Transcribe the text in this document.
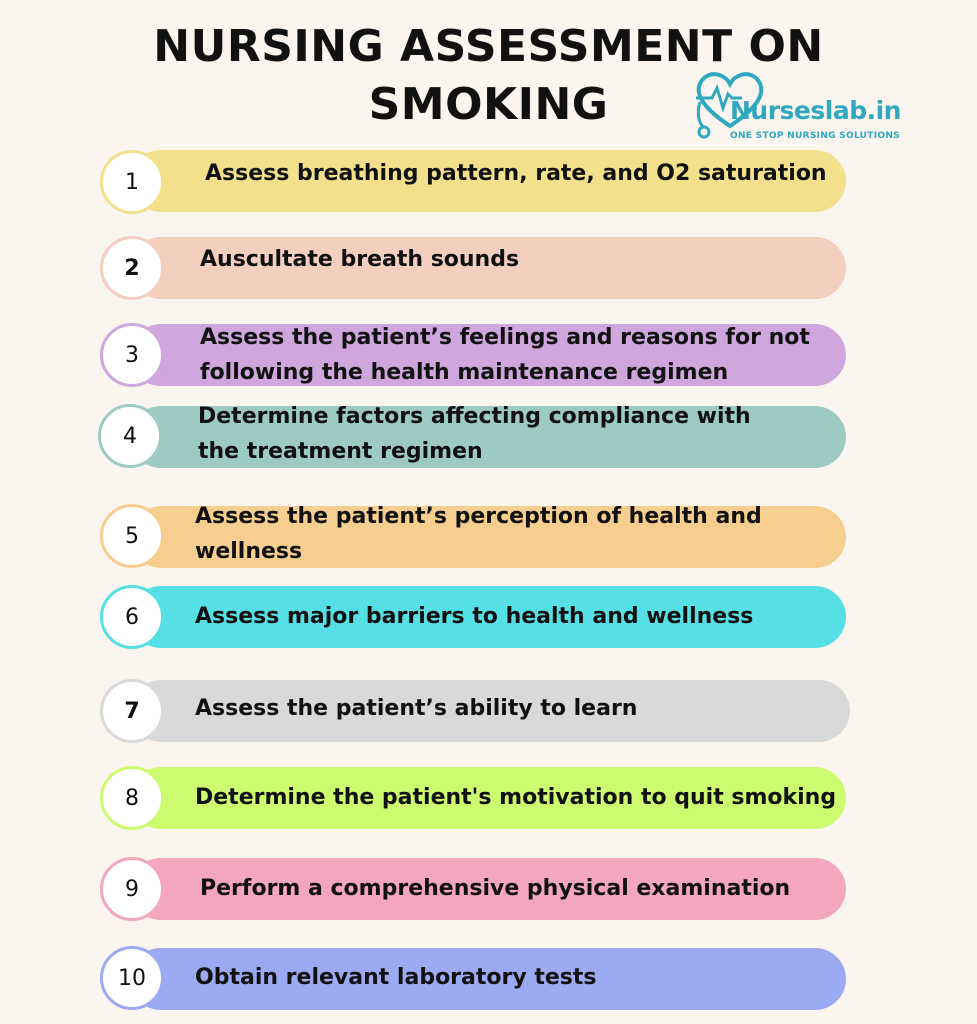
NURSING ASSESSMENT ON
SMOKING	Nurseslab.in
ONE STOP NURSING SOLUTIONS
1	Assess breathing pattern, rate, and O2 saturation
2	Auscultate breath sounds
3
Assess the patient’s feelings and reasons for not
following the health maintenance regimen
4
Determine factors affecting compliance with
the treatment regimen
5
Assess the patient’s perception of health and
wellness
6	Assess major barriers to health and wellness
7	Assess the patient’s ability to learn
8	Determine the patient's motivation to quit smoking
9	Perform a comprehensive physical examination
10	Obtain relevant laboratory tests
